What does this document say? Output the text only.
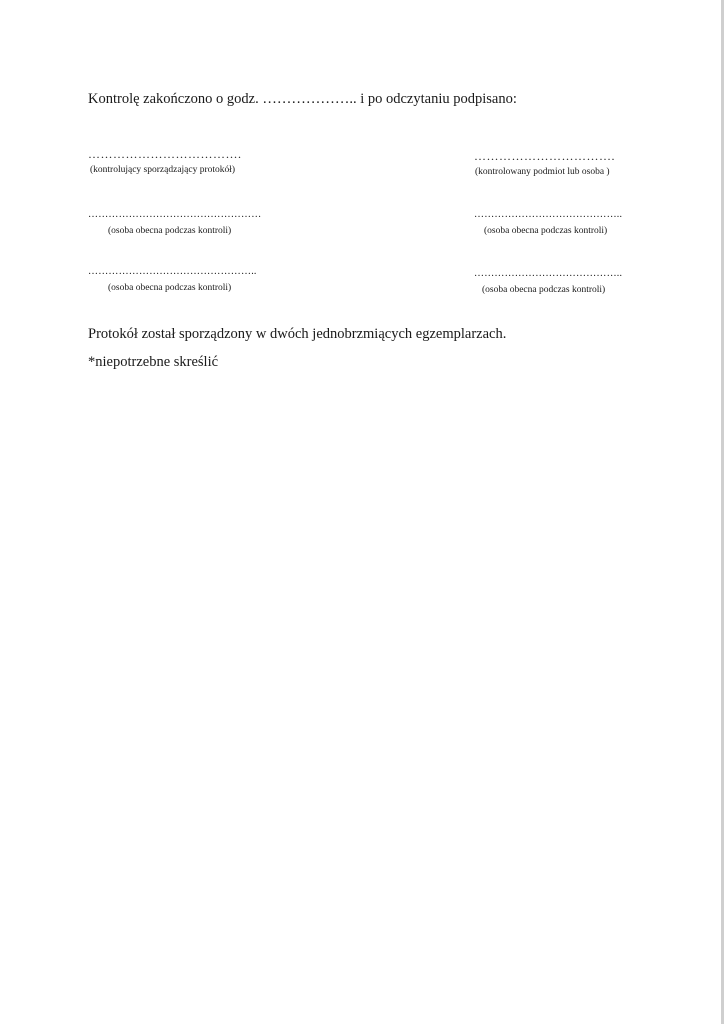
Kontrolę zakończono o godz. ……………….. i po odczytaniu podpisano:
……………………………….
(kontrolujący sporządzający protokół)
…………………………….
(kontrolowany podmiot lub osoba )
……………………………………………
(osoba obecna podczas kontroli)
……………………………………..
(osoba obecna podczas kontroli)
…………………………………………..
(osoba obecna podczas kontroli)
……………………………………..
(osoba obecna podczas kontroli)
Protokół został sporządzony w dwóch jednobrzmiących egzemplarzach.
*niepotrzebne skreślić
